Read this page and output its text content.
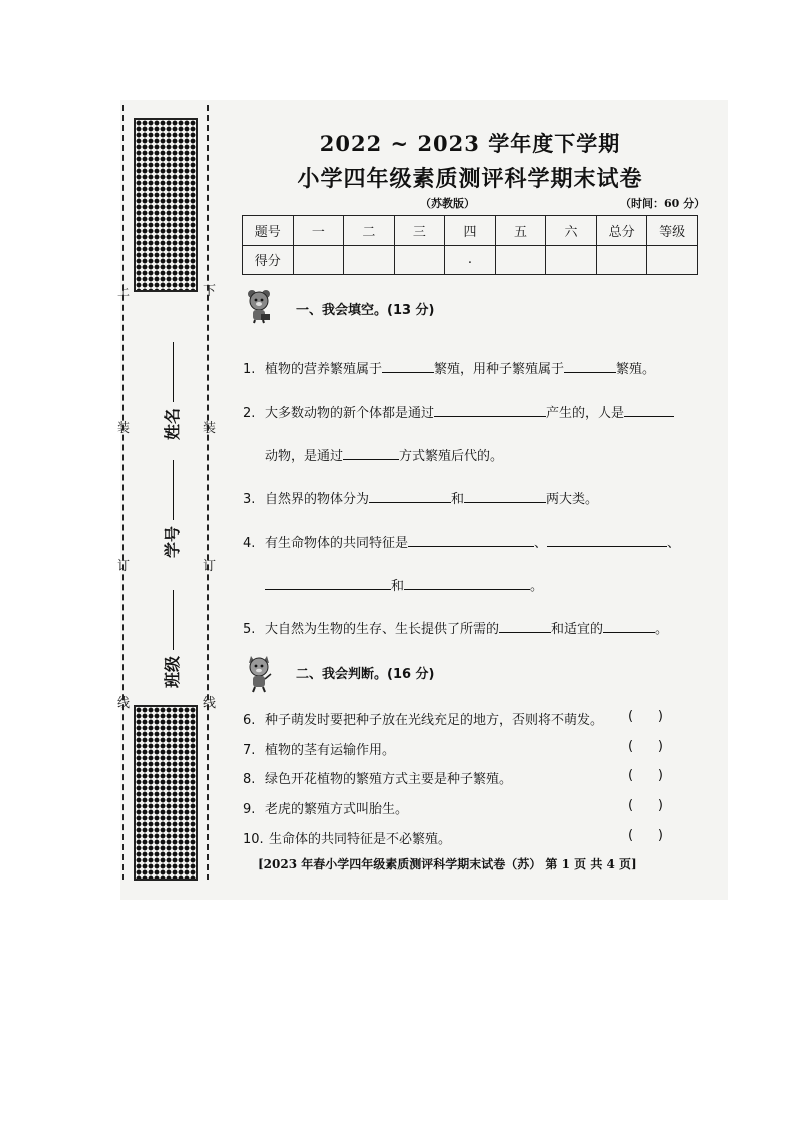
上	下
装	装
订	订
线	线
姓名
学号
班级
2022 ~ 2023 学年度下学期
小学四年级素质测评科学期末试卷
（苏教版）	（时间：60 分）
题号	一	二	三	四	五	六	总分	等级
得分				.				
一、我会填空。(13 分)
1. 植物的营养繁殖属于	繁殖，用种子繁殖属于	繁殖。
2. 大多数动物的新个体都是通过	产生的，人是
动物，是通过	方式繁殖后代的。
3. 自然界的物体分为	和	两大类。
4. 有生命物体的共同特征是	、	、
和	。
5. 大自然为生物的生存、生长提供了所需的	和适宜的	。
二、我会判断。(16 分)
6. 种子萌发时要把种子放在光线充足的地方，否则将不萌发。 (      )
7. 植物的茎有运输作用。	(      )
8. 绿色开花植物的繁殖方式主要是种子繁殖。	(      )
9. 老虎的繁殖方式叫胎生。	(      )
10. 生命体的共同特征是不必繁殖。	(      )
[2023 年春小学四年级素质测评科学期末试卷（苏） 第 1 页 共 4 页]
